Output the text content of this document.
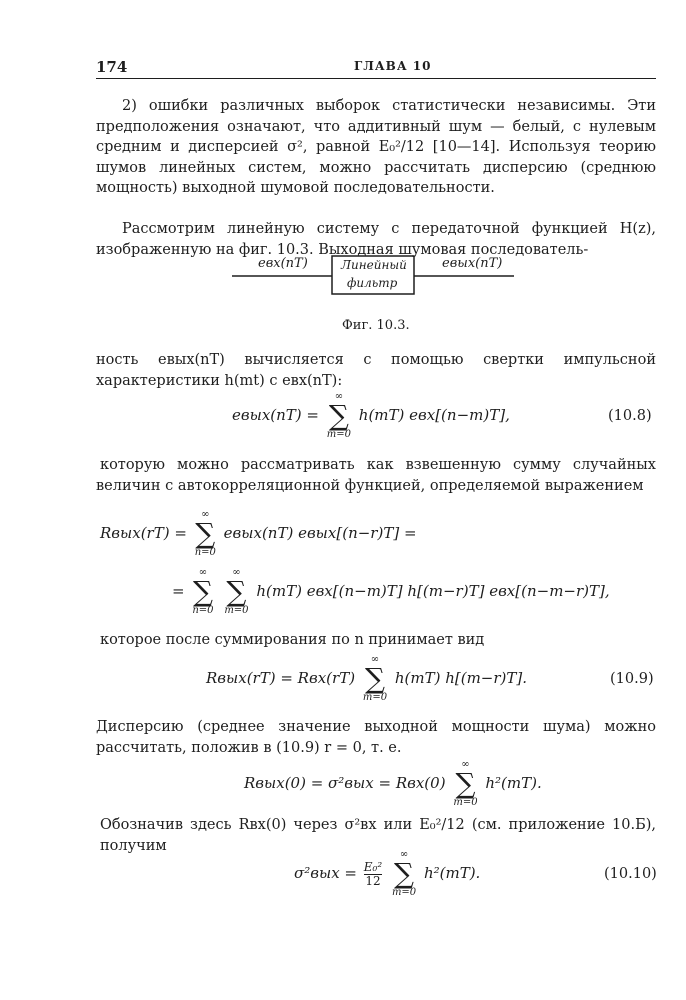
174	ГЛАВА 10

2) ошибки различных выборок статистически независимы. Эти предположения означают, что аддитивный шум — белый, с нулевым средним и дисперсией σ², равной E₀²/12 [10—14]. Используя теорию шумов линейных систем, можно рассчитать дисперсию (среднюю мощность) выходной шумовой последовательности.

Рассмотрим линейную систему с передаточной функцией H(z), изображенную на фиг. 10.3. Выходная шумовая последователь-

eвх(nT)	eвых(nT)
Линейный
фильтр
Фиг. 10.3.

ность eвых(nT) вычисляется с помощью свертки импульсной характеристики h(mt) с eвх(nT):

eвых(nT) =
∞
∑
m=0
h(mT) eвх[(n−m)T],	(10.8)

которую можно рассматривать как взвешенную сумму случайных величин с автокорреляционной функцией, определяемой выражением

Rвых(rT) =
∞
∑
n=0
eвых(nT) eвых[(n−r)T] =
=
∞
∑
n=0

∞
∑
m=0
h(mT) eвх[(n−m)T] h[(m−r)T] eвх[(n−m−r)T],

которое после суммирования по n принимает вид

Rвых(rT) = Rвх(rT)
∞
∑
m=0
h(mT) h[(m−r)T].	(10.9)

Дисперсию (среднее значение выходной мощности шума) можно рассчитать, положив в (10.9) r = 0, т. е.

Rвых(0) = σ²вых = Rвх(0)
∞
∑
m=0
h²(mT).

Обозначив здесь Rвх(0) через σ²вх или E₀²/12 (см. приложение 10.Б), получим

$\sigma^2вых = \frac{\text{E₀²}}{12}$

∞
∑
m=0
h²(mT).	(10.10)
